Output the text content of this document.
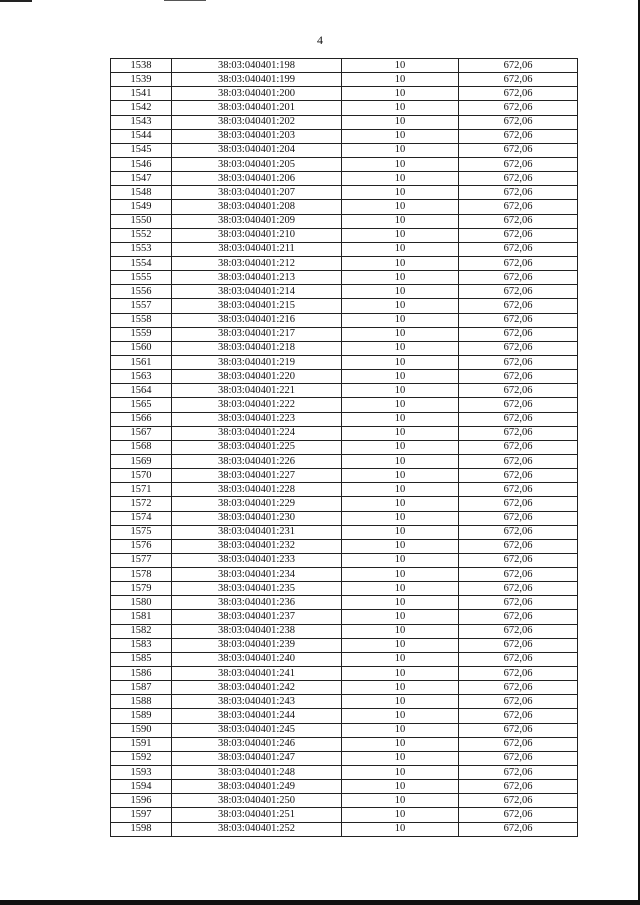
4
1538	38:03:040401:198	10	672,06
1539	38:03:040401:199	10	672,06
1541	38:03:040401:200	10	672,06
1542	38:03:040401:201	10	672,06
1543	38:03:040401:202	10	672,06
1544	38:03:040401:203	10	672,06
1545	38:03:040401:204	10	672,06
1546	38:03:040401:205	10	672,06
1547	38:03:040401:206	10	672,06
1548	38:03:040401:207	10	672,06
1549	38:03:040401:208	10	672,06
1550	38:03:040401:209	10	672,06
1552	38:03:040401:210	10	672,06
1553	38:03:040401:211	10	672,06
1554	38:03:040401:212	10	672,06
1555	38:03:040401:213	10	672,06
1556	38:03:040401:214	10	672,06
1557	38:03:040401:215	10	672,06
1558	38:03:040401:216	10	672,06
1559	38:03:040401:217	10	672,06
1560	38:03:040401:218	10	672,06
1561	38:03:040401:219	10	672,06
1563	38:03:040401:220	10	672,06
1564	38:03:040401:221	10	672,06
1565	38:03:040401:222	10	672,06
1566	38:03:040401:223	10	672,06
1567	38:03:040401:224	10	672,06
1568	38:03:040401:225	10	672,06
1569	38:03:040401:226	10	672,06
1570	38:03:040401:227	10	672,06
1571	38:03:040401:228	10	672,06
1572	38:03:040401:229	10	672,06
1574	38:03:040401:230	10	672,06
1575	38:03:040401:231	10	672,06
1576	38:03:040401:232	10	672,06
1577	38:03:040401:233	10	672,06
1578	38:03:040401:234	10	672,06
1579	38:03:040401:235	10	672,06
1580	38:03:040401:236	10	672,06
1581	38:03:040401:237	10	672,06
1582	38:03:040401:238	10	672,06
1583	38:03:040401:239	10	672,06
1585	38:03:040401:240	10	672,06
1586	38:03:040401:241	10	672,06
1587	38:03:040401:242	10	672,06
1588	38:03:040401:243	10	672,06
1589	38:03:040401:244	10	672,06
1590	38:03:040401:245	10	672,06
1591	38:03:040401:246	10	672,06
1592	38:03:040401:247	10	672,06
1593	38:03:040401:248	10	672,06
1594	38:03:040401:249	10	672,06
1596	38:03:040401:250	10	672,06
1597	38:03:040401:251	10	672,06
1598	38:03:040401:252	10	672,06
